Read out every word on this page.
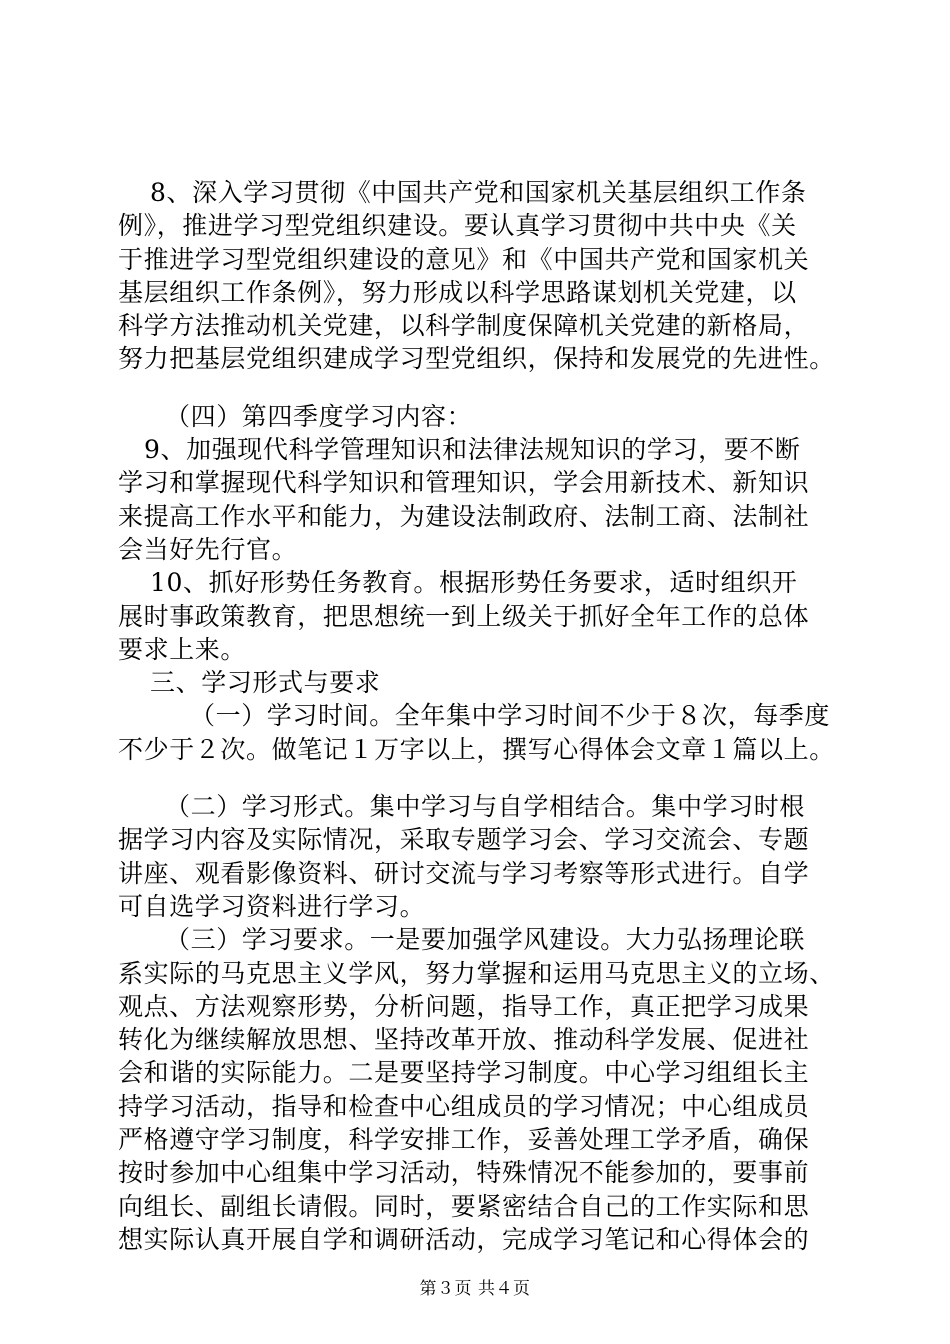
8、深入学习贯彻《中国共产党和国家机关基层组织工作条
例》，推进学习型党组织建设。要认真学习贯彻中共中央《关
于推进学习型党组织建设的意见》和《中国共产党和国家机关
基层组织工作条例》，努力形成以科学思路谋划机关党建，以
科学方法推动机关党建，以科学制度保障机关党建的新格局，
努力把基层党组织建成学习型党组织，保持和发展党的先进性。
（四）第四季度学习内容：
9、加强现代科学管理知识和法律法规知识的学习，要不断
学习和掌握现代科学知识和管理知识，学会用新技术、新知识
来提高工作水平和能力，为建设法制政府、法制工商、法制社
会当好先行官。
10、抓好形势任务教育。根据形势任务要求，适时组织开
展时事政策教育，把思想统一到上级关于抓好全年工作的总体
要求上来。
三、学习形式与要求
（一）学习时间。全年集中学习时间不少于８次，每季度
不少于２次。做笔记１万字以上，撰写心得体会文章１篇以上。
（二）学习形式。集中学习与自学相结合。集中学习时根
据学习内容及实际情况，采取专题学习会、学习交流会、专题
讲座、观看影像资料、研讨交流与学习考察等形式进行。自学
可自选学习资料进行学习。
（三）学习要求。一是要加强学风建设。大力弘扬理论联
系实际的马克思主义学风，努力掌握和运用马克思主义的立场、
观点、方法观察形势，分析问题，指导工作，真正把学习成果
转化为继续解放思想、坚持改革开放、推动科学发展、促进社
会和谐的实际能力。二是要坚持学习制度。中心学习组组长主
持学习活动，指导和检查中心组成员的学习情况；中心组成员
严格遵守学习制度，科学安排工作，妥善处理工学矛盾，确保
按时参加中心组集中学习活动，特殊情况不能参加的，要事前
向组长、副组长请假。同时，要紧密结合自己的工作实际和思
想实际认真开展自学和调研活动，完成学习笔记和心得体会的
第３页 共４页
